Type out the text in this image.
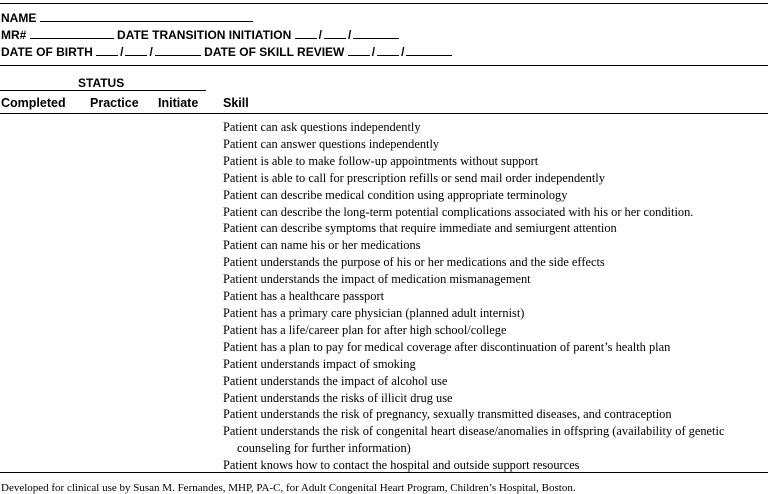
NAME
MR#	DATE TRANSITION INITIATION / /
DATE OF BIRTH / /	DATE OF SKILL REVIEW / /
STATUS
Completed Practice Initiate Skill
Patient can ask questions independently
Patient can answer questions independently
Patient is able to make follow-up appointments without support
Patient is able to call for prescription refills or send mail order independently
Patient can describe medical condition using appropriate terminology
Patient can describe the long-term potential complications associated with his or her condition.
Patient can describe symptoms that require immediate and semiurgent attention
Patient can name his or her medications
Patient understands the purpose of his or her medications and the side effects
Patient understands the impact of medication mismanagement
Patient has a healthcare passport
Patient has a primary care physician (planned adult internist)
Patient has a life/career plan for after high school/college
Patient has a plan to pay for medical coverage after discontinuation of parent’s health plan
Patient understands impact of smoking
Patient understands the impact of alcohol use
Patient understands the risks of illicit drug use
Patient understands the risk of pregnancy, sexually transmitted diseases, and contraception
Patient understands the risk of congenital heart disease/anomalies in offspring (availability of genetic counseling for further information)
Patient knows how to contact the hospital and outside support resources
Developed for clinical use by Susan M. Fernandes, MHP, PA-C, for Adult Congenital Heart Program, Children’s Hospital, Boston.
